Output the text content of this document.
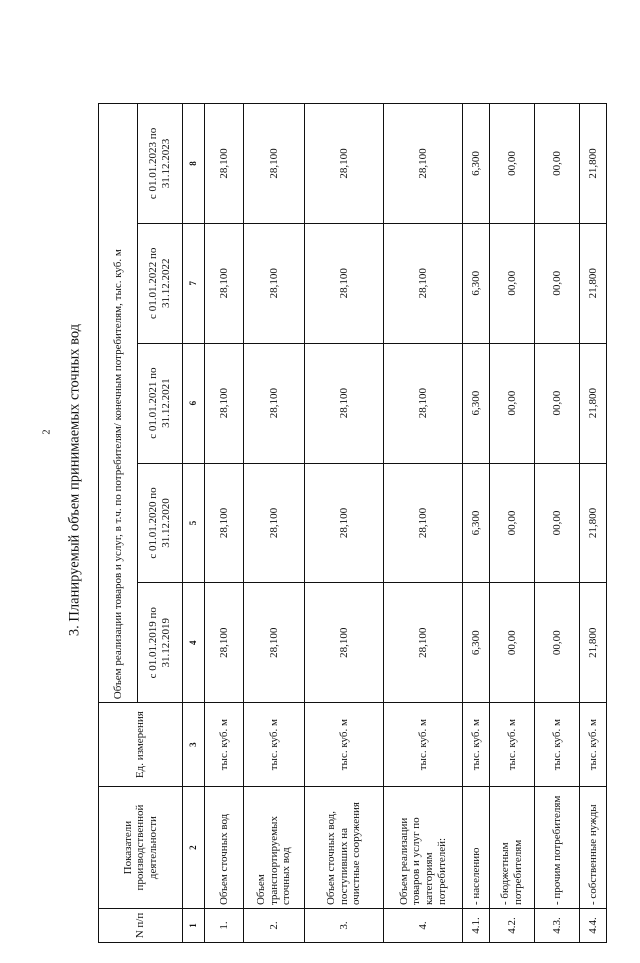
2 3. Планируемый объем принимаемых сточных вод
N п/п	Показатели производственной деятельности	Ед. измерения	Объем реализации товаров и услуг, в т.ч. по потребителям/ конечным потребителям, тыс. куб. м				
			с 01.01.2019 по 31.12.2019	с 01.01.2020 по 31.12.2020	с 01.01.2021 по 31.12.2021	с 01.01.2022 по 31.12.2022	с 01.01.2023 по 31.12.2023
1	2	3	4	5	6	7	8
1.	Объем сточных вод	тыс. куб. м	28,100	28,100	28,100	28,100	28,100
2.	Объем транспортируемых сточных вод	тыс. куб. м	28,100	28,100	28,100	28,100	28,100
3.	Объем сточных вод, поступивших на очистные сооружения	тыс. куб. м	28,100	28,100	28,100	28,100	28,100
4.	Объем реализации товаров и услуг по категориям потребителей:	тыс. куб. м	28,100	28,100	28,100	28,100	28,100
4.1.	- населению	тыс. куб. м	6,300	6,300	6,300	6,300	6,300
4.2.	- бюджетным потребителям	тыс. куб. м	00,00	00,00	00,00	00,00	00,00
4.3.	- прочим потребителям	тыс. куб. м	00,00	00,00	00,00	00,00	00,00
4.4.	- собственные нужды	тыс. куб. м	21,800	21,800	21,800	21,800	21,800
